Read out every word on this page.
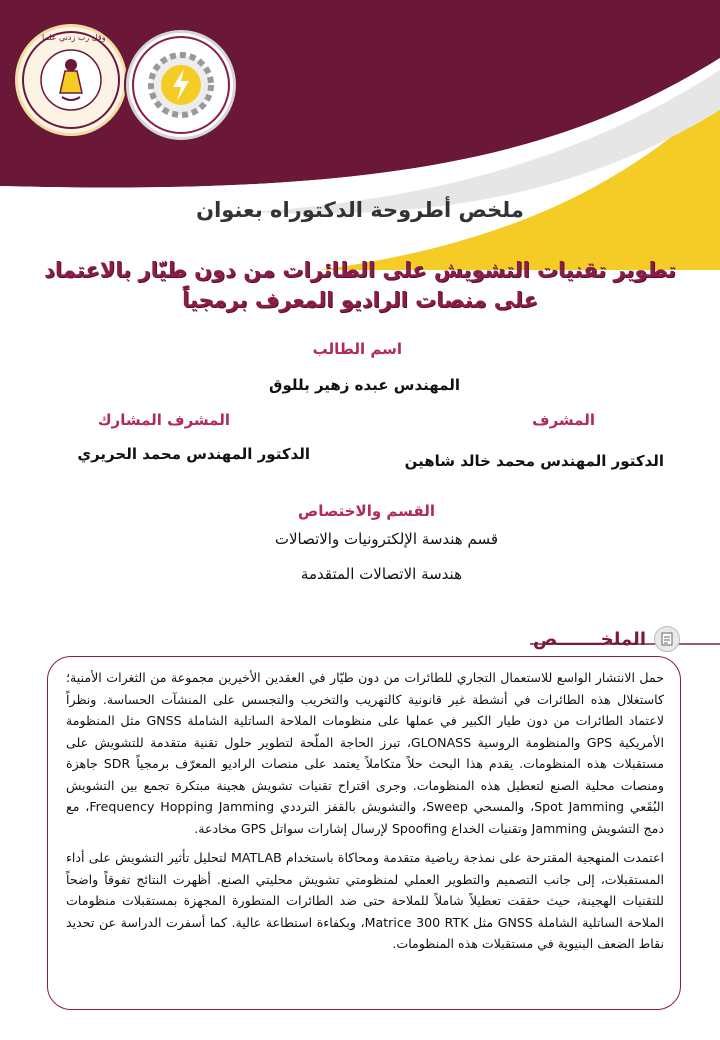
وقل رب زدني علما
ملخص أطروحة الدكتوراه بعنوان
تطوير تقنيات التشويش على الطائرات من دون طيّار بالاعتماد
على منصات الراديو المعرف برمجياً
اسم الطالب
المهندس عبده زهير بللوق
المشرف
الدكتور المهندس محمد خالد شاهين
المشرف المشارك
الدكتور المهندس محمد الحريري
القسم والاختصاص
قسم هندسة الإلكترونيات والاتصالات
هندسة الاتصالات المتقدمة
الملخـــــــص

حمل الانتشار الواسع للاستعمال التجاري للطائرات من دون طيّار في العقدين الأخيرين مجموعة من الثغرات الأمنية؛ كاستغلال هذه الطائرات في أنشطة غير قانونية كالتهريب والتخريب والتجسس على المنشآت الحساسة. ونظراً لاعتماد الطائرات من دون طيار الكبير في عملها على منظومات الملاحة الساتلية الشاملة GNSS مثل المنظومة الأمريكية GPS والمنظومة الروسية GLONASS، تبرز الحاجة الملّحة لتطوير حلول تقنية متقدمة للتشويش على مستقبلات هذه المنظومات. يقدم هذا البحث حلاً متكاملاً يعتمد على منصات الراديو المعرّف برمجياً SDR جاهزة ومنصات محلية الصنع لتعطيل هذه المنظومات. وجرى اقتراح تقنيات تشويش هجينة مبتكرة تجمع بين التشويش البُقَعي Spot Jamming، والمسحي Sweep، والتشويش بالقفز الترددي Frequency Hopping Jamming، مع دمج التشويش Jamming وتقنيات الخداع Spoofing لإرسال إشارات سواتل GPS مخادعة.

اعتمدت المنهجية المقترحة على نمذجة رياضية متقدمة ومحاكاة باستخدام MATLAB لتحليل تأثير التشويش على أداء المستقبلات، إلى جانب التصميم والتطوير العملي لمنظومتي تشويش محليتي الصنع. أظهرت النتائج تفوقاً واضحاً للتقنيات الهجينة، حيث حققت تعطيلاً شاملاً للملاحة حتى ضد الطائرات المتطورة المجهزة بمستقبلات منظومات الملاحة الساتلية الشاملة GNSS مثل Matrice 300 RTK، وبكفاءة استطاعة عالية. كما أسفرت الدراسة عن تحديد نقاط الضعف البنيوية في مستقبلات هذه المنظومات.
